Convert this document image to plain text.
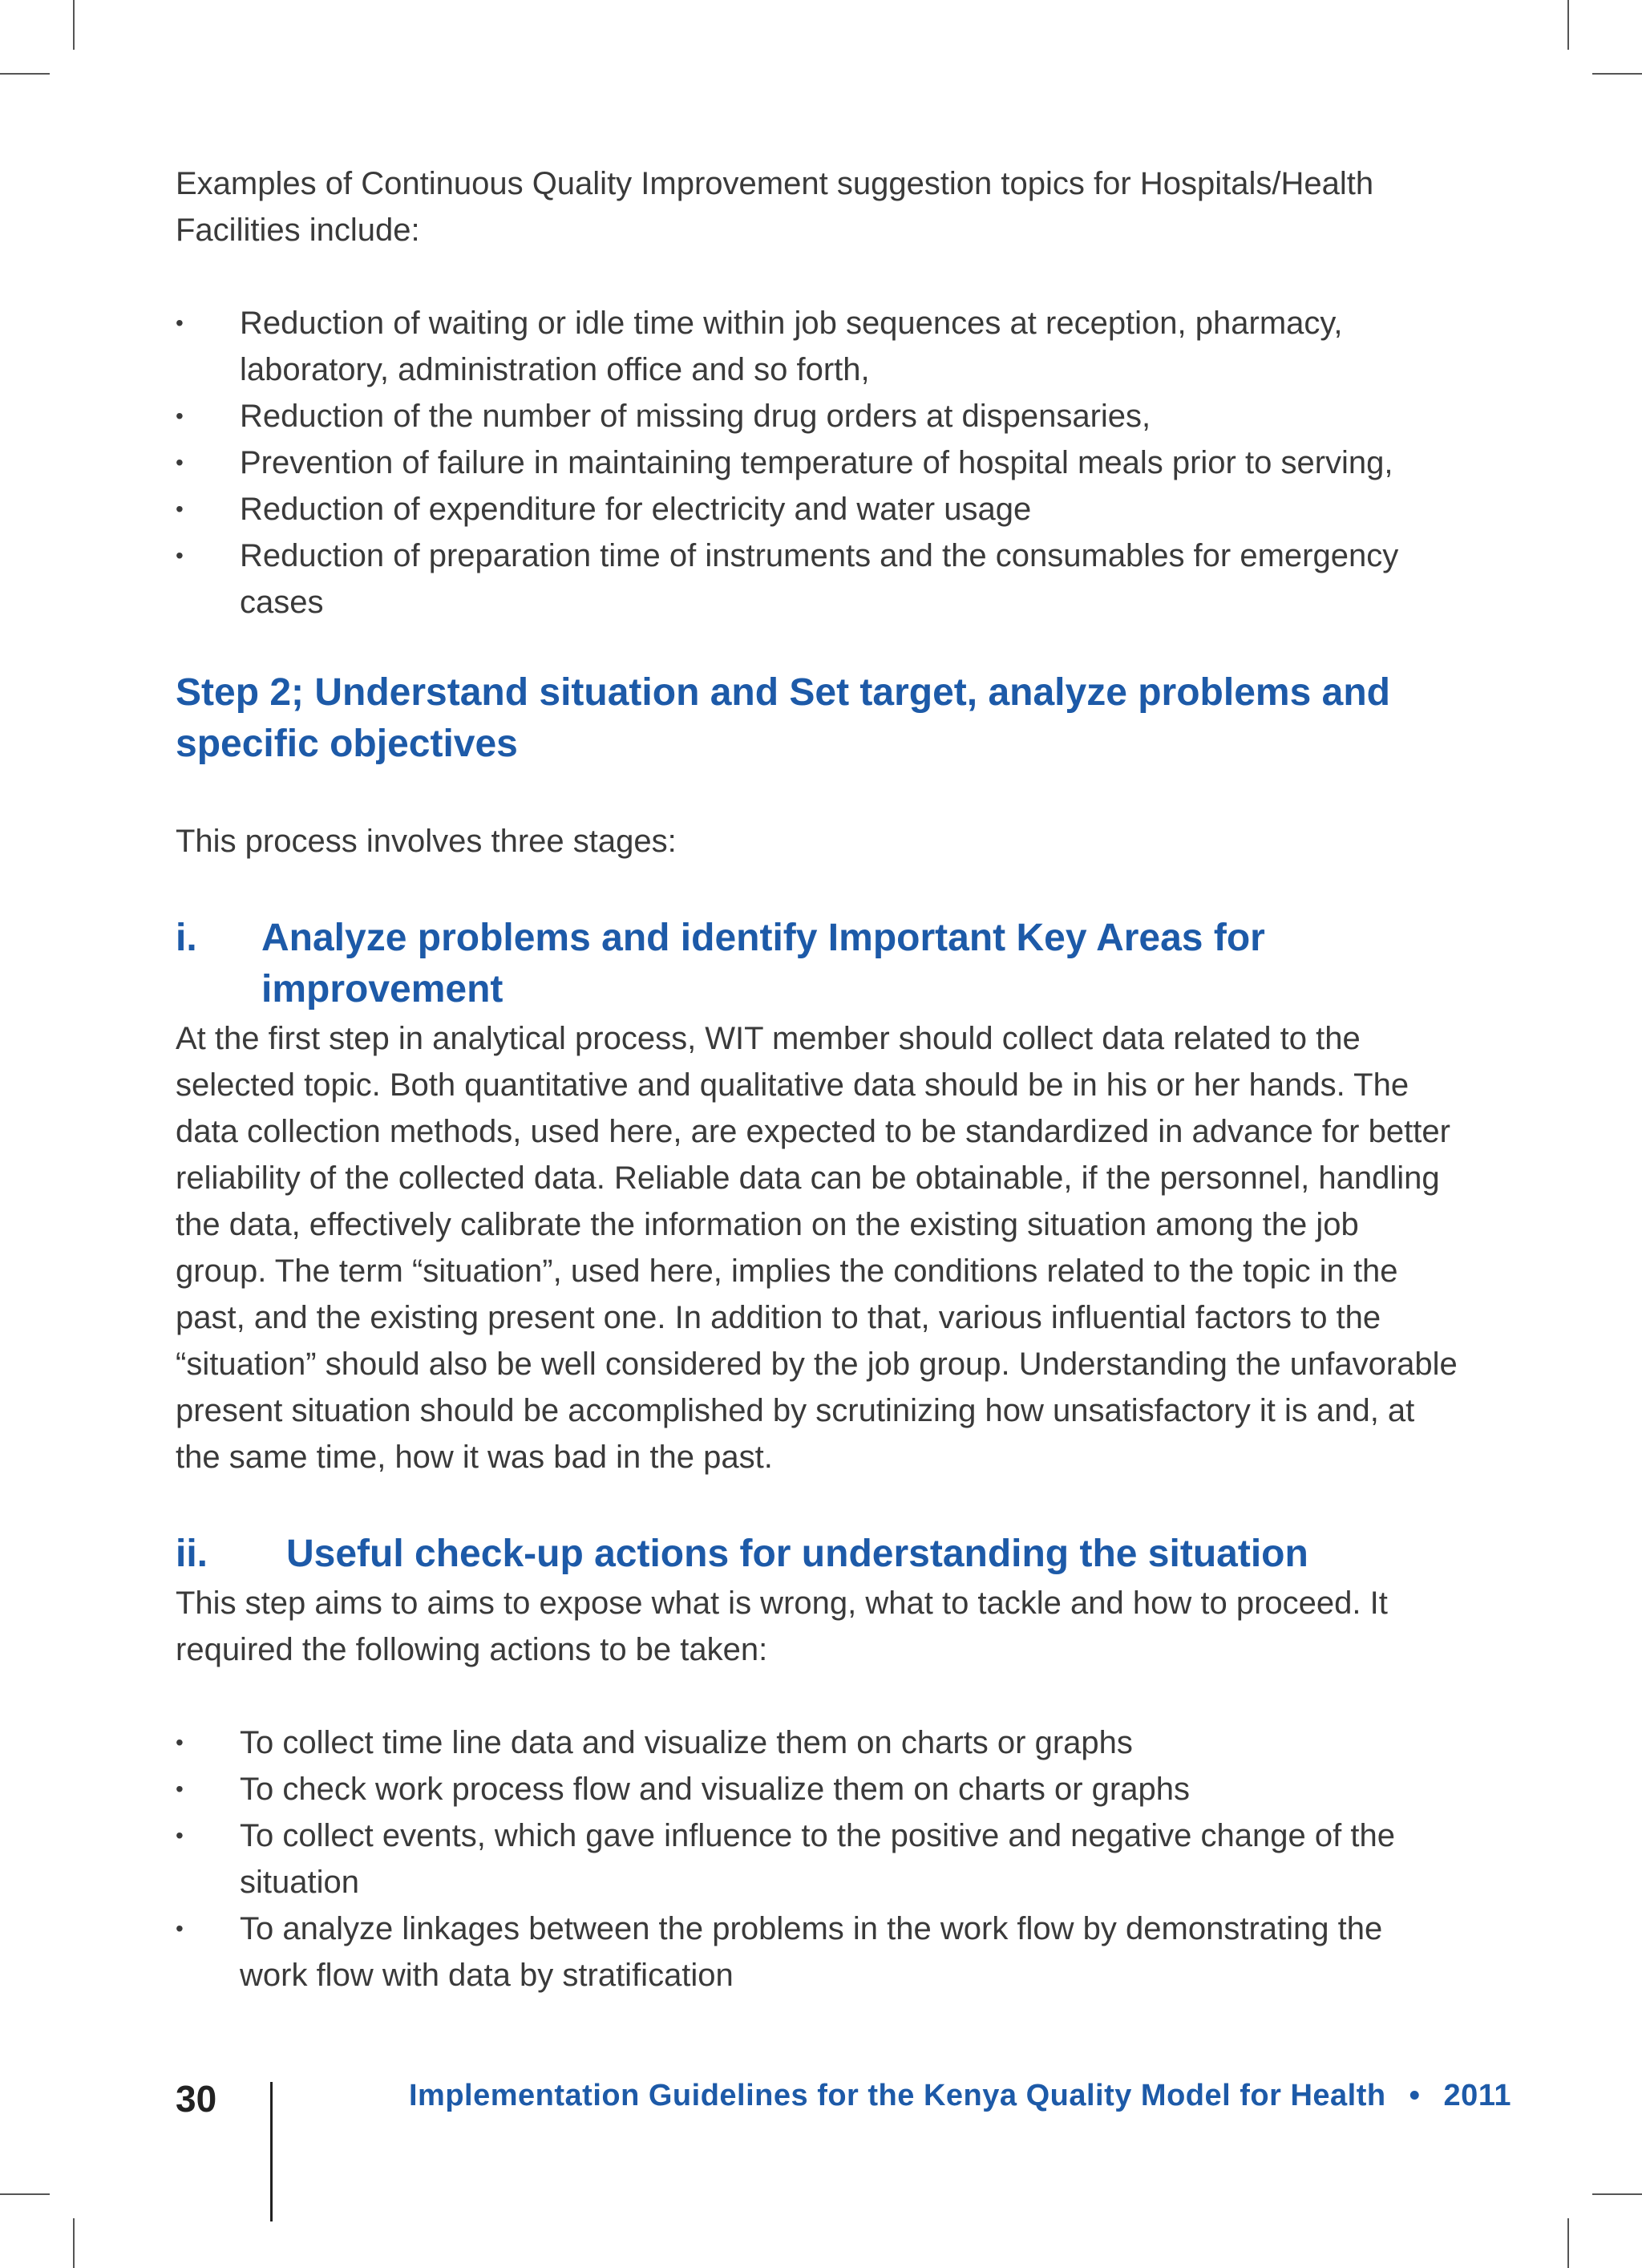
Examples of Continuous Quality Improvement suggestion topics for Hospitals/Health Facilities include:

• Reduction of waiting or idle time within job sequences at reception, pharmacy, laboratory, administration office and so forth,
• Reduction of the number of missing drug orders at dispensaries,
• Prevention of failure in maintaining temperature of hospital meals prior to serving,
• Reduction of expenditure for electricity and water usage
• Reduction of preparation time of instruments and the consumables for emergency cases
Step 2; Understand situation and Set target, analyze problems and specific objectives

This process involves three stages:

i. Analyze problems and identify Important Key Areas for improvement

At the first step in analytical process, WIT member should collect data related to the selected topic. Both quantitative and qualitative data should be in his or her hands. The data collection methods, used here, are expected to be standardized in advance for better reliability of the collected data. Reliable data can be obtainable, if the personnel, handling the data, effectively calibrate the information on the existing situation among the job group. The term “situation”, used here, implies the conditions related to the topic in the past, and the existing present one. In addition to that, various influential factors to the “situation” should also be well considered by the job group. Understanding the unfavorable present situation should be accomplished by scrutinizing how unsatisfactory it is and, at the same time, how it was bad in the past.

ii. Useful check-up actions for understanding the situation

This step aims to aims to expose what is wrong, what to tackle and how to proceed. It required the following actions to be taken:

• To collect time line data and visualize them on charts or graphs
• To check work process flow and visualize them on charts or graphs
• To collect events, which gave influence to the positive and negative change of the situation
• To analyze linkages between the problems in the work flow by demonstrating the work flow with data by stratification
30	Implementation Guidelines for the Kenya Quality Model for Health • 2011
